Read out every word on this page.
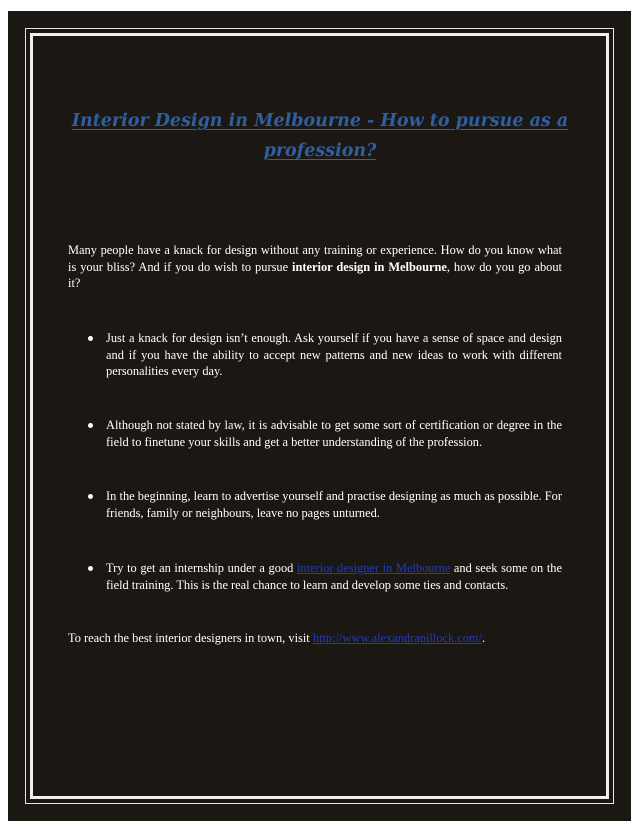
Interior Design in Melbourne - How to pursue as a profession?

Many people have a knack for design without any training or experience. How do you know what is your bliss? And if you do wish to pursue interior design in Melbourne, how do you go about it?

Just a knack for design isn’t enough. Ask yourself if you have a sense of space and design and if you have the ability to accept new patterns and new ideas to work with different personalities every day.

Although not stated by law, it is advisable to get some sort of certification or degree in the field to finetune your skills and get a better understanding of the profession.

In the beginning, learn to advertise yourself and practise designing as much as possible. For friends, family or neighbours, leave no pages unturned.

Try to get an internship under a good interior designer in Melbourne and seek some on the field training. This is the real chance to learn and develop some ties and contacts.

To reach the best interior designers in town, visit http://www.alexandrapillock.com/.
